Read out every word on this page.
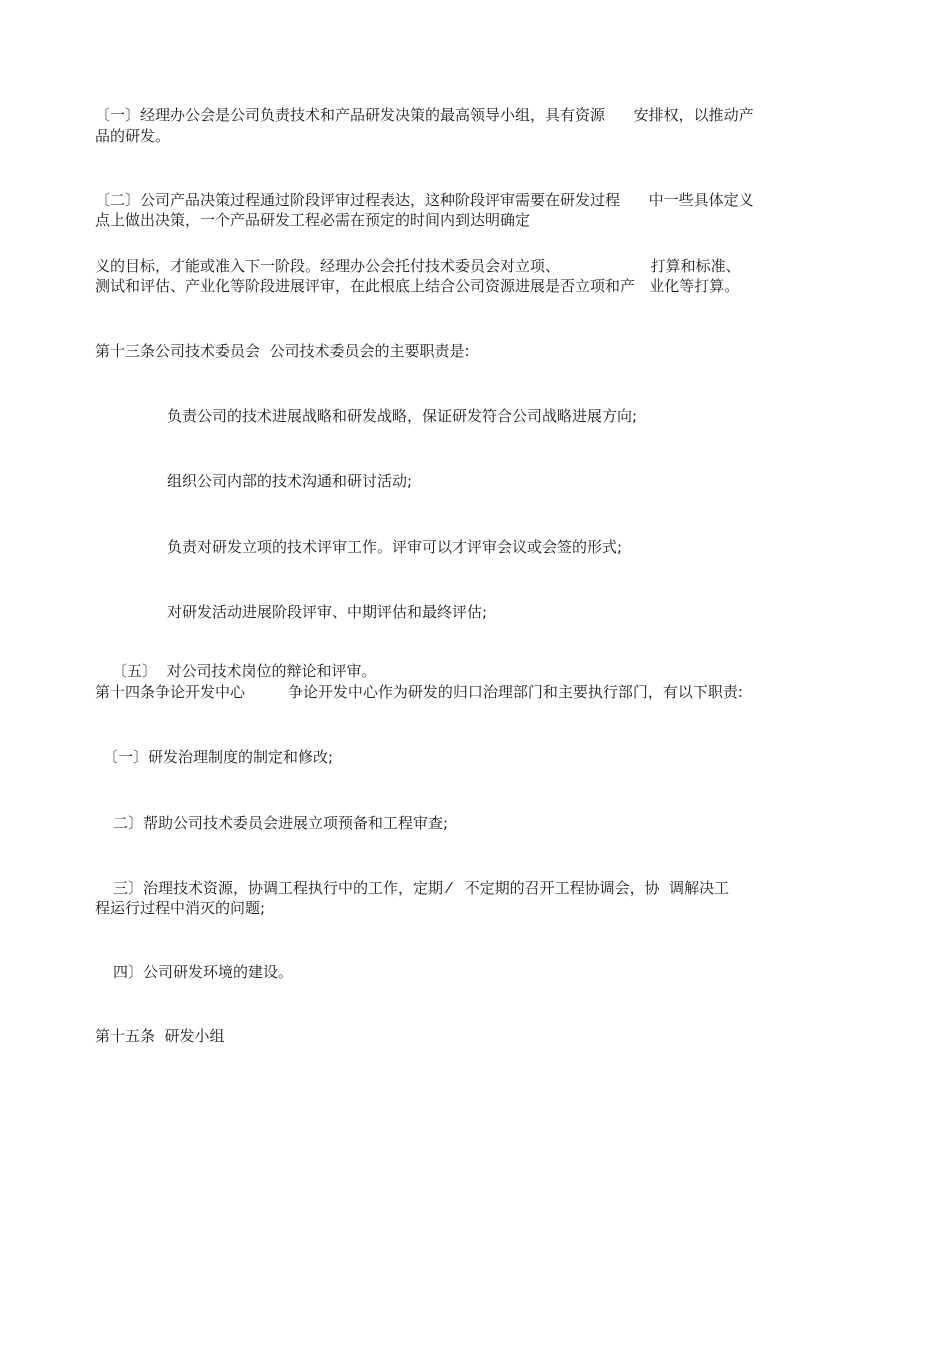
〔一〕经理办公会是公司负责技术和产品研发决策的最高领导小组，具有资源      安排权，以推动产
品的研发。
〔二〕公司产品决策过程通过阶段评审过程表达，这种阶段评审需要在研发过程      中一些具体定义
点上做出决策，一个产品研发工程必需在预定的时间内到达明确定
义的目标，才能或准入下一阶段。经理办公会托付技术委员会对立项、                   打算和标准、
测试和评估、产业化等阶段进展评审，在此根底上结合公司资源进展是否立项和产   业化等打算。
第十三条公司技术委员会  公司技术委员会的主要职责是:
负责公司的技术进展战略和研发战略，保证研发符合公司战略进展方向;
组织公司内部的技术沟通和研讨活动;
负责对研发立项的技术评审工作。评审可以才评审会议或会签的形式;
对研发活动进展阶段评审、中期评估和最终评估;
〔五〕  对公司技术岗位的辩论和评审。
第十四条争论开发中心         争论开发中心作为研发的归口治理部门和主要执行部门，有以下职责:
〔一〕研发治理制度的制定和修改;
二〕帮助公司技术委员会进展立项预备和工程审查;
三〕治理技术资源，协调工程执行中的工作，定期 ⁄   不定期的召开工程协调会，协  调解决工
程运行过程中消灭的问题;
四〕公司研发环境的建设。
第十五条  研发小组
